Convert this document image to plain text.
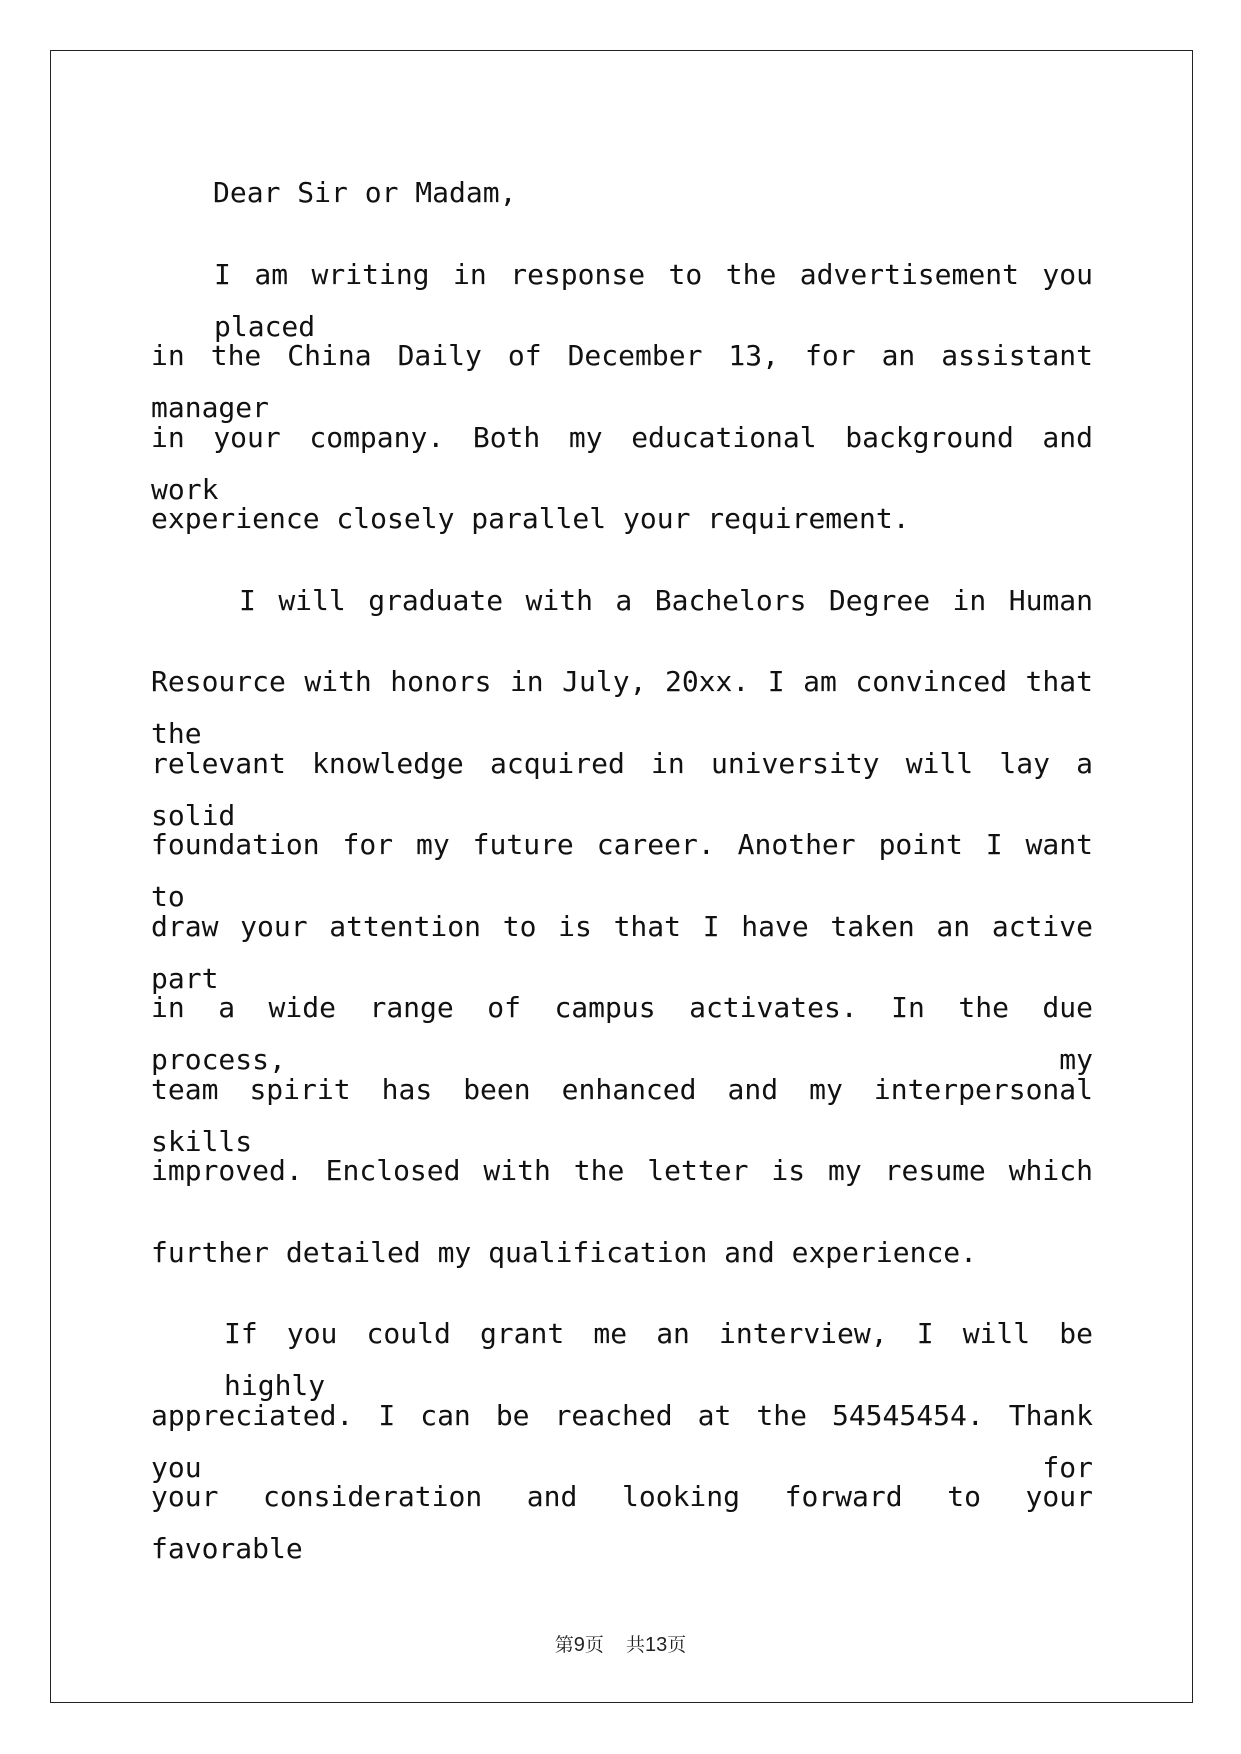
Dear Sir or Madam,
I am writing in response to the advertisement you placed
in the China Daily of December 13, for an assistant manager
in your company. Both my educational background and work
experience closely parallel your requirement.
I will graduate with a Bachelors Degree in Human
Resource with honors in July, 20xx. I am convinced that the
relevant knowledge acquired in university will lay a solid
foundation for my future career. Another point I want to
draw your attention to is that I have taken an active part
in a wide range of campus activates. In the due process, my
team spirit has been enhanced and my interpersonal skills
improved. Enclosed with the letter is my resume which
further detailed my qualification and experience.
If you could grant me an interview, I will be highly
appreciated. I can be reached at the 54545454. Thank you for
your consideration and looking forward to your favorable
第9页 共13页
